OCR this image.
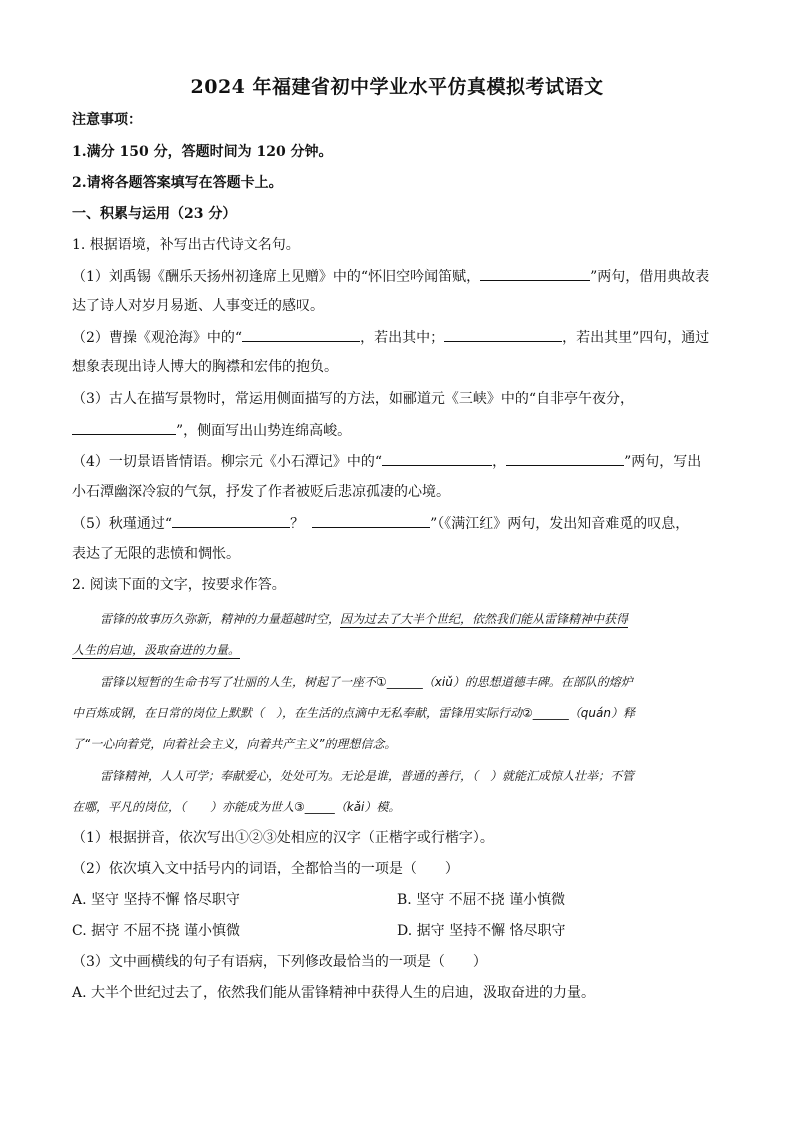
2024 年福建省初中学业水平仿真模拟考试语文
注意事项：
1.满分 150 分，答题时间为 120 分钟。
2.请将各题答案填写在答题卡上。
一、积累与运用（23 分）
1. 根据语境，补写出古代诗文名句。
（1）刘禹锡《酬乐天扬州初逢席上见赠》中的“怀旧空吟闻笛赋，	”两句，借用典故表
达了诗人对岁月易逝、人事变迁的感叹。
（2）曹操《观沧海》中的“	，若出其中；	，若出其里”四句，通过
想象表现出诗人博大的胸襟和宏伟的抱负。
（3）古人在描写景物时，常运用侧面描写的方法，如郦道元《三峡》中的“自非亭午夜分，
”，侧面写出山势连绵高峻。
（4）一切景语皆情语。柳宗元《小石潭记》中的“	，	”两句，写出
小石潭幽深冷寂的气氛，抒发了作者被贬后悲凉孤凄的心境。
（5）秋瑾通过“	？	”（《满江红》两句，发出知音难觅的叹息，
表达了无限的悲愤和惆怅。
2. 阅读下面的文字，按要求作答。
雷锋的故事历久弥新，精神的力量超越时空，因为过去了大半个世纪，依然我们能从雷锋精神中获得
人生的启迪，汲取奋进的力量。
雷锋以短暂的生命书写了壮丽的人生，树起了一座不①______（xiǔ）的思想道德丰碑。在部队的熔炉
中百炼成钢，在日常的岗位上默默（　），在生活的点滴中无私奉献，雷锋用实际行动②______（quán）释
了“一心向着党，向着社会主义，向着共产主义”的理想信念。
雷锋精神，人人可学；奉献爱心，处处可为。无论是谁，普通的善行，（　）就能汇成惊人壮举；不管
在哪，平凡的岗位，（　　）亦能成为世人③_____（kǎi）模。
（1）根据拼音，依次写出①②③处相应的汉字（正楷字或行楷字）。
（2）依次填入文中括号内的词语，全都恰当的一项是（　　）
A. 坚守 坚持不懈 恪尽职守	B. 坚守 不屈不挠 谨小慎微
C. 据守 不屈不挠 谨小慎微	D. 据守 坚持不懈 恪尽职守
（3）文中画横线的句子有语病，下列修改最恰当的一项是（　　）
A. 大半个世纪过去了，依然我们能从雷锋精神中获得人生的启迪，汲取奋进的力量。
